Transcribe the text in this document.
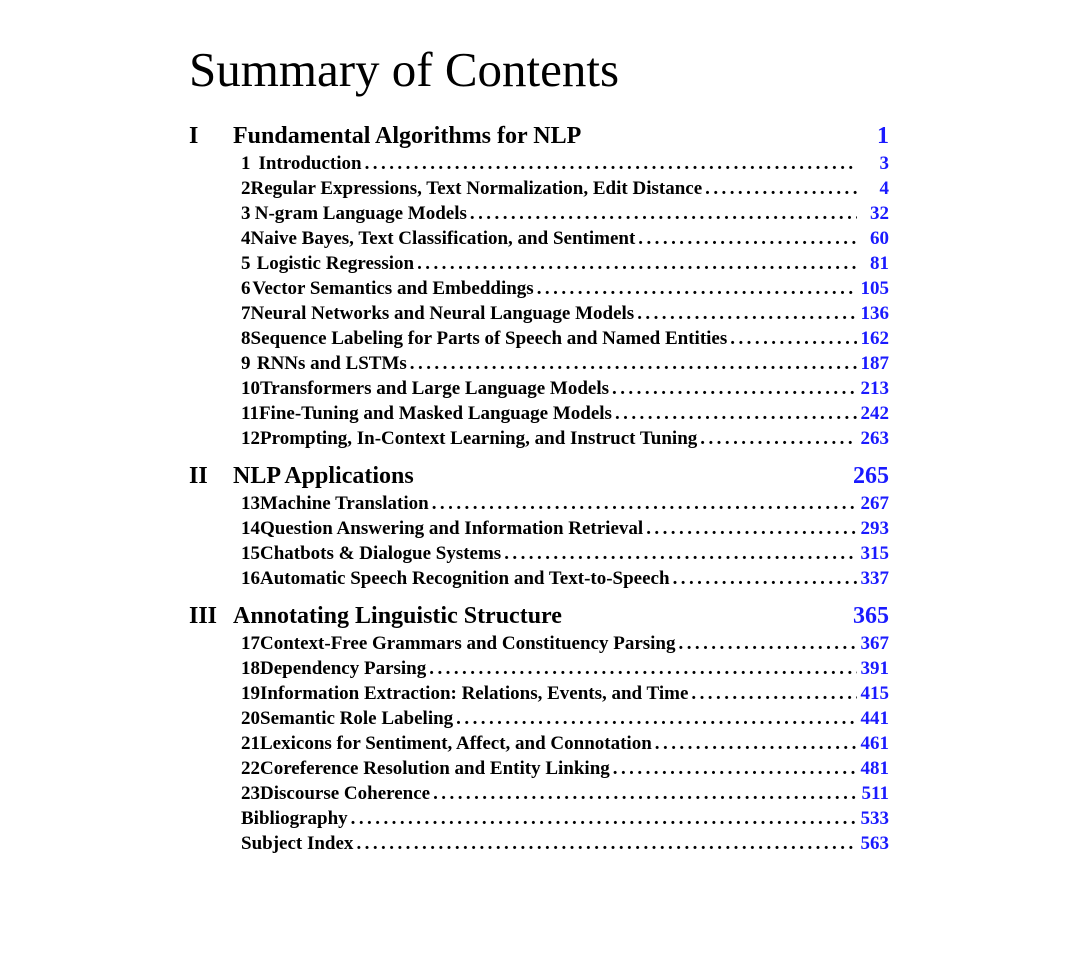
Summary of Contents
I	Fundamental Algorithms for NLP	1
1 Introduction . . .	3
2 Regular Expressions, Text Normalization, Edit Distance . . .	4
3 N-gram Language Models . . .	32
4 Naive Bayes, Text Classification, and Sentiment . . .	60
5 Logistic Regression . . .	81
6 Vector Semantics and Embeddings . . .	105
7 Neural Networks and Neural Language Models . . .	136
8 Sequence Labeling for Parts of Speech and Named Entities . . .	162
9 RNNs and LSTMs . . .	187
10 Transformers and Large Language Models . . .	213
11 Fine-Tuning and Masked Language Models . . .	242
12 Prompting, In-Context Learning, and Instruct Tuning . . .	263
II	NLP Applications	265
13 Machine Translation . . .	267
14 Question Answering and Information Retrieval . . .	293
15 Chatbots & Dialogue Systems . . .	315
16 Automatic Speech Recognition and Text-to-Speech . . .	337
III Annotating Linguistic Structure	365
17 Context-Free Grammars and Constituency Parsing . . .	367
18 Dependency Parsing . . .	391
19 Information Extraction: Relations, Events, and Time . . .	415
20 Semantic Role Labeling . . .	441
21 Lexicons for Sentiment, Affect, and Connotation . . .	461
22 Coreference Resolution and Entity Linking . . .	481
23 Discourse Coherence . . .	511
Bibliography . . .	533
Subject Index . . .	563
